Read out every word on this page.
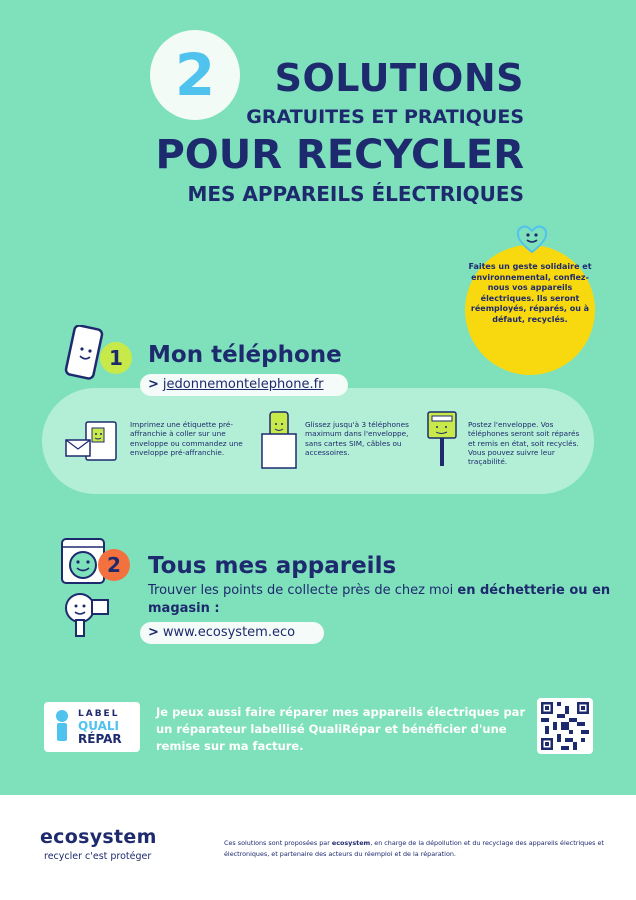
2	SOLUTIONS
GRATUITES ET PRATIQUES
POUR RECYCLER
MES APPAREILS ÉLECTRIQUES
Faites un geste solidaire et environnemental, confiez-nous vos appareils électriques. Ils seront réemployés, réparés, ou à défaut, recyclés.
1	Mon téléphone
> jedonnemontelephone.fr
Imprimez une étiquette pré-affranchie à coller sur une enveloppe ou commandez une enveloppe pré-affranchie.
Glissez jusqu'à 3 téléphones maximum dans l'enveloppe, sans cartes SIM, câbles ou accessoires.
Postez l'enveloppe. Vos téléphones seront soit réparés et remis en état, soit recyclés. Vous pouvez suivre leur traçabilité.
2	Tous mes appareils
Trouver les points de collecte près de chez moi en déchetterie ou en magasin :
> www.ecosystem.eco
LABEL
QUALI
RÉPAR
Je peux aussi faire réparer mes appareils électriques par un réparateur labellisé QualiRépar et bénéficier d'une remise sur ma facture.
ecosystem
recycler c'est protéger
Ces solutions sont proposées par ecosystem, en charge de la dépollution et du recyclage des appareils électriques et électroniques, et partenaire des acteurs du réemploi et de la réparation.
